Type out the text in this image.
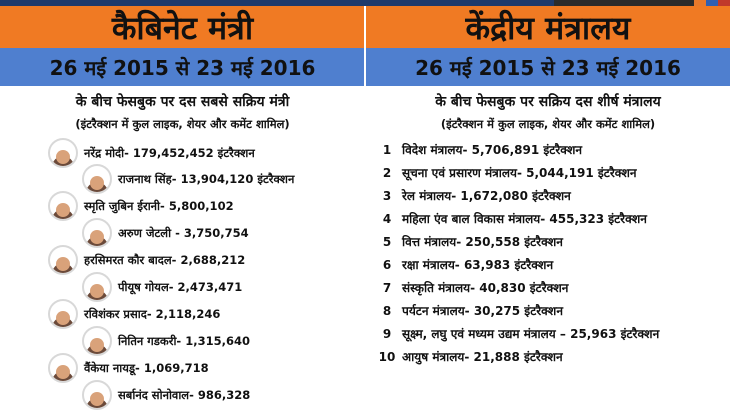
कैबिनेट मंत्री
26 मई 2015 से 23 मई 2016
के बीच फेसबुक पर दस सबसे सक्रिय मंत्री
(इंटरैक्शन में कुल लाइक, शेयर और कमेंट शामिल)
नरेंद्र मोदी- 179,452,452 इंटरैक्शन
राजनाथ सिंह- 13,904,120 इंटरैक्शन
स्मृति जुबिन ईरानी- 5,800,102
अरुण जेटली - 3,750,754
हरसिमरत कौर बादल- 2,688,212
पीयूष गोयल- 2,473,471
रविशंकर प्रसाद- 2,118,246
नितिन गडकरी- 1,315,640
वैंकेया नायडू- 1,069,718
सर्बानंद सोनोवाल- 986,328
केंद्रीय मंत्रालय
26 मई 2015 से 23 मई 2016
के बीच फेसबुक पर सक्रिय दस शीर्ष मंत्रालय
(इंटरैक्शन में कुल लाइक, शेयर और कमेंट शामिल)
1 विदेश मंत्रालय- 5,706,891 इंटरैक्शन
2 सूचना एवं प्रसारण मंत्रालय- 5,044,191 इंटरैक्शन
3 रेल मंत्रालय- 1,672,080 इंटरैक्शन
4 महिला एंव बाल विकास मंत्रालय- 455,323 इंटरैक्शन
5 वित्त मंत्रालय- 250,558 इंटरैक्शन
6 रक्षा मंत्रालय- 63,983 इंटरैक्शन
7 संस्कृति मंत्रालय- 40,830 इंटरैक्शन
8 पर्यटन मंत्रालय- 30,275 इंटरैक्शन
9 सूक्ष्म, लघु एवं मध्यम उद्यम मंत्रालय – 25,963 इंटरैक्शन
10 आयुष मंत्रालय- 21,888 इंटरैक्शन
